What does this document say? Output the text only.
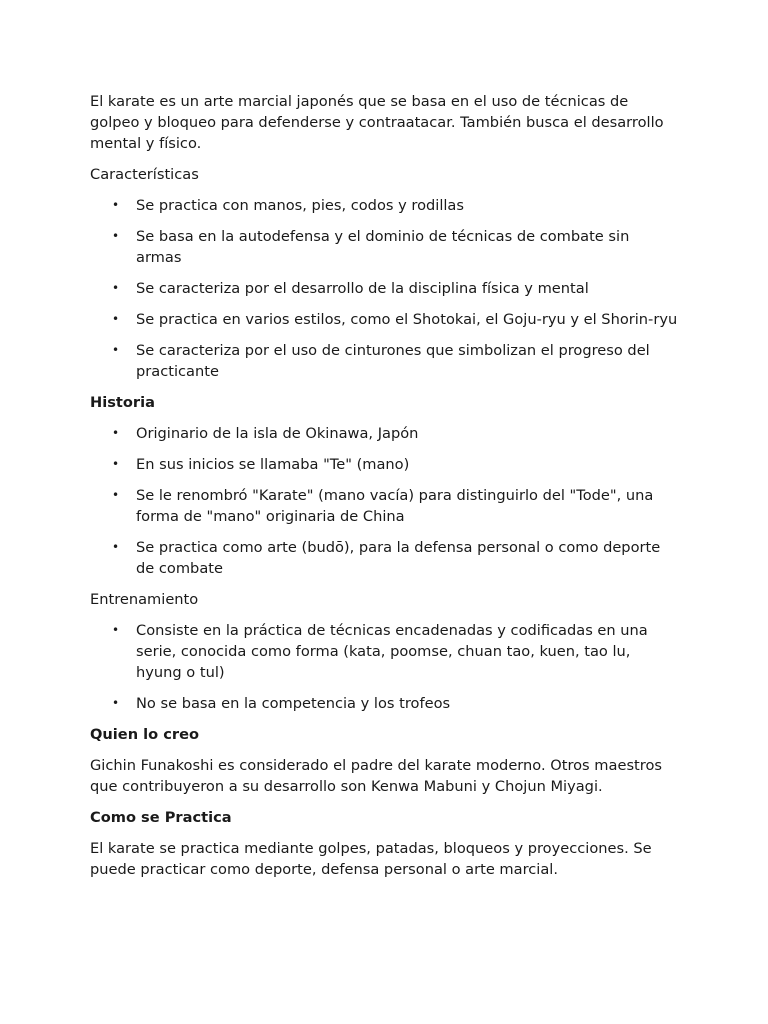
El karate es un arte marcial japonés que se basa en el uso de técnicas de golpeo y bloqueo para defenderse y contraatacar. También busca el desarrollo mental y físico.

Características

• Se practica con manos, pies, codos y rodillas
• Se basa en la autodefensa y el dominio de técnicas de combate sin armas
• Se caracteriza por el desarrollo de la disciplina física y mental
• Se practica en varios estilos, como el Shotokai, el Goju-ryu y el Shorin-ryu
• Se caracteriza por el uso de cinturones que simbolizan el progreso del practicante

Historia

• Originario de la isla de Okinawa, Japón
• En sus inicios se llamaba "Te" (mano)
• Se le renombró "Karate" (mano vacía) para distinguirlo del "Tode", una forma de "mano" originaria de China
• Se practica como arte (budō), para la defensa personal o como deporte de combate

Entrenamiento

• Consiste en la práctica de técnicas encadenadas y codificadas en una serie, conocida como forma (kata, poomse, chuan tao, kuen, tao lu, hyung o tul)
• No se basa en la competencia y los trofeos

Quien lo creo

Gichin Funakoshi es considerado el padre del karate moderno. Otros maestros que contribuyeron a su desarrollo son Kenwa Mabuni y Chojun Miyagi.

Como se Practica

El karate se practica mediante golpes, patadas, bloqueos y proyecciones. Se puede practicar como deporte, defensa personal o arte marcial.
